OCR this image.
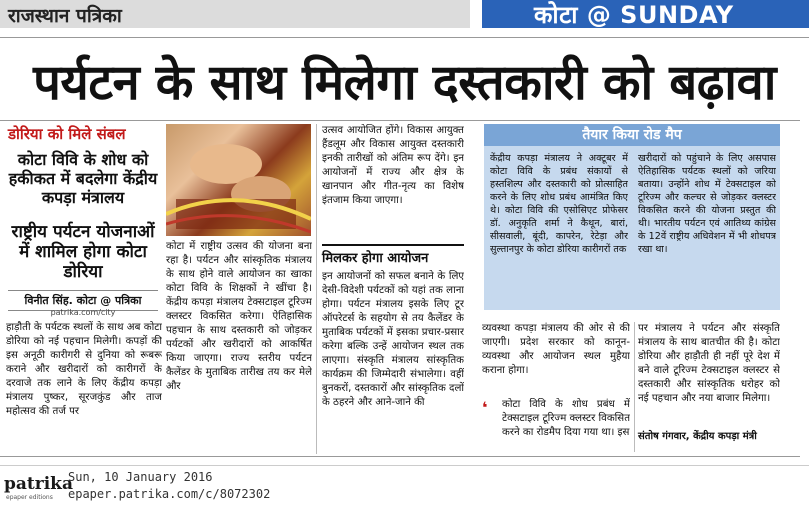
राजस्थान पत्रिका	कोटा @ SUNDAY
पर्यटन के साथ मिलेगा दस्तकारी को बढ़ावा
डोरिया को मिले संबल
कोटा विवि के शोध को हकीकत में बदलेगा केंद्रीय कपड़ा मंत्रालय
राष्ट्रीय पर्यटन योजनाओं में शामिल होगा कोटा डोरिया
विनीत सिंह. कोटा @ पत्रिका
patrika.com/city
हाड़ौती के पर्यटक स्थलों के साथ अब कोटा डोरिया को नई पहचान मिलेगी। कपड़ों की इस अनूठी कारीगरी से दुनिया को रूबरू कराने और खरीदारों को कारीगरों के दरवाजे तक लाने के लिए केंद्रीय कपड़ा मंत्रालय पुष्कर, सूरजकुंड और ताज महोत्सव की तर्ज पर
कोटा में राष्ट्रीय उत्सव की योजना बना रहा है। पर्यटन और सांस्कृतिक मंत्रालय के साथ होने वाले आयोजन का खाका कोटा विवि के शिक्षकों ने खींचा है। केंद्रीय कपड़ा मंत्रालय टेक्सटाइल टूरिज्म क्लस्टर विकसित करेगा। ऐतिहासिक पहचान के साथ दस्तकारी को जोड़कर पर्यटकों और खरीदारों को आकर्षित किया जाएगा। राज्य स्तरीय पर्यटन कैलेंडर के मुताबिक तारीख तय कर मेले और
उत्सव आयोजित होंगे। विकास आयुक्त हैंडलूम और विकास आयुक्त दस्तकारी इनकी तारीखों को अंतिम रूप देंगे। इन आयोजनों में राज्य और क्षेत्र के खानपान और गीत-नृत्य का विशेष इंतजाम किया जाएगा।
मिलकर होगा आयोजन
इन आयोजनों को सफल बनाने के लिए देसी-विदेशी पर्यटकों को यहां तक लाना होगा। पर्यटन मंत्रालय इसके लिए टूर ऑपरेटर्स के सहयोग से तय कैलेंडर के मुताबिक पर्यटकों में इसका प्रचार-प्रसार करेगा बल्कि उन्हें आयोजन स्थल तक लाएगा। संस्कृति मंत्रालय सांस्कृतिक कार्यक्रम की जिम्मेदारी संभालेगा। वहीं बुनकरों, दस्तकारों और सांस्कृतिक दलों के ठहरने और आने-जाने की
तैयार किया रोड मैप
केंद्रीय कपड़ा मंत्रालय ने अक्टूबर में कोटा विवि के प्रबंध संकायों से हस्तशिल्प और दस्तकारी को प्रोत्साहित करने के लिए शोध प्रबंध आमंत्रित किए थे। कोटा विवि की एसोसिएट प्रोफेसर डॉ. अनुकृति शर्मा ने कैथून, बारां, सीसवाली, बूंदी, कापरेन, रेटेड़ा और सुल्तानपुर के कोटा डोरिया कारीगरों तक
खरीदारों को पहुंचाने के लिए असपास ऐतिहासिक पर्यटक स्थलों को जरिया बताया। उन्होंने शोध में टेक्सटाइल को टूरिज्म और कल्चर से जोड़कर क्लस्टर विकसित करने की योजना प्रस्तुत की थी। भारतीय पर्यटन एवं आतिथ्य कांग्रेस के 12वें राष्ट्रीय अधिवेशन में भी शोधपत्र रखा था।
व्यवस्था कपड़ा मंत्रालय की ओर से की जाएगी। प्रदेश सरकार को कानून-व्यवस्था और आयोजन स्थल मुहैया कराना होगा।
❛	कोटा विवि के शोध प्रबंध में टेक्सटाइल टूरिज्म क्लस्टर विकसित करने का रोडमैप दिया गया था। इस
पर मंत्रालय ने पर्यटन और संस्कृति मंत्रालय के साथ बातचीत की है। कोटा डोरिया और हाड़ौती ही नहीं पूरे देश में बने वाले टूरिज्म टेक्सटाइल क्लस्टर से दस्तकारी और सांस्कृतिक धरोहर को नई पहचान और नया बाजार मिलेगा।
संतोष गंगवार, केंद्रीय कपड़ा मंत्री
patrika
epaper editions
Sun, 10 January 2016
epaper.patrika.com/c/8072302
